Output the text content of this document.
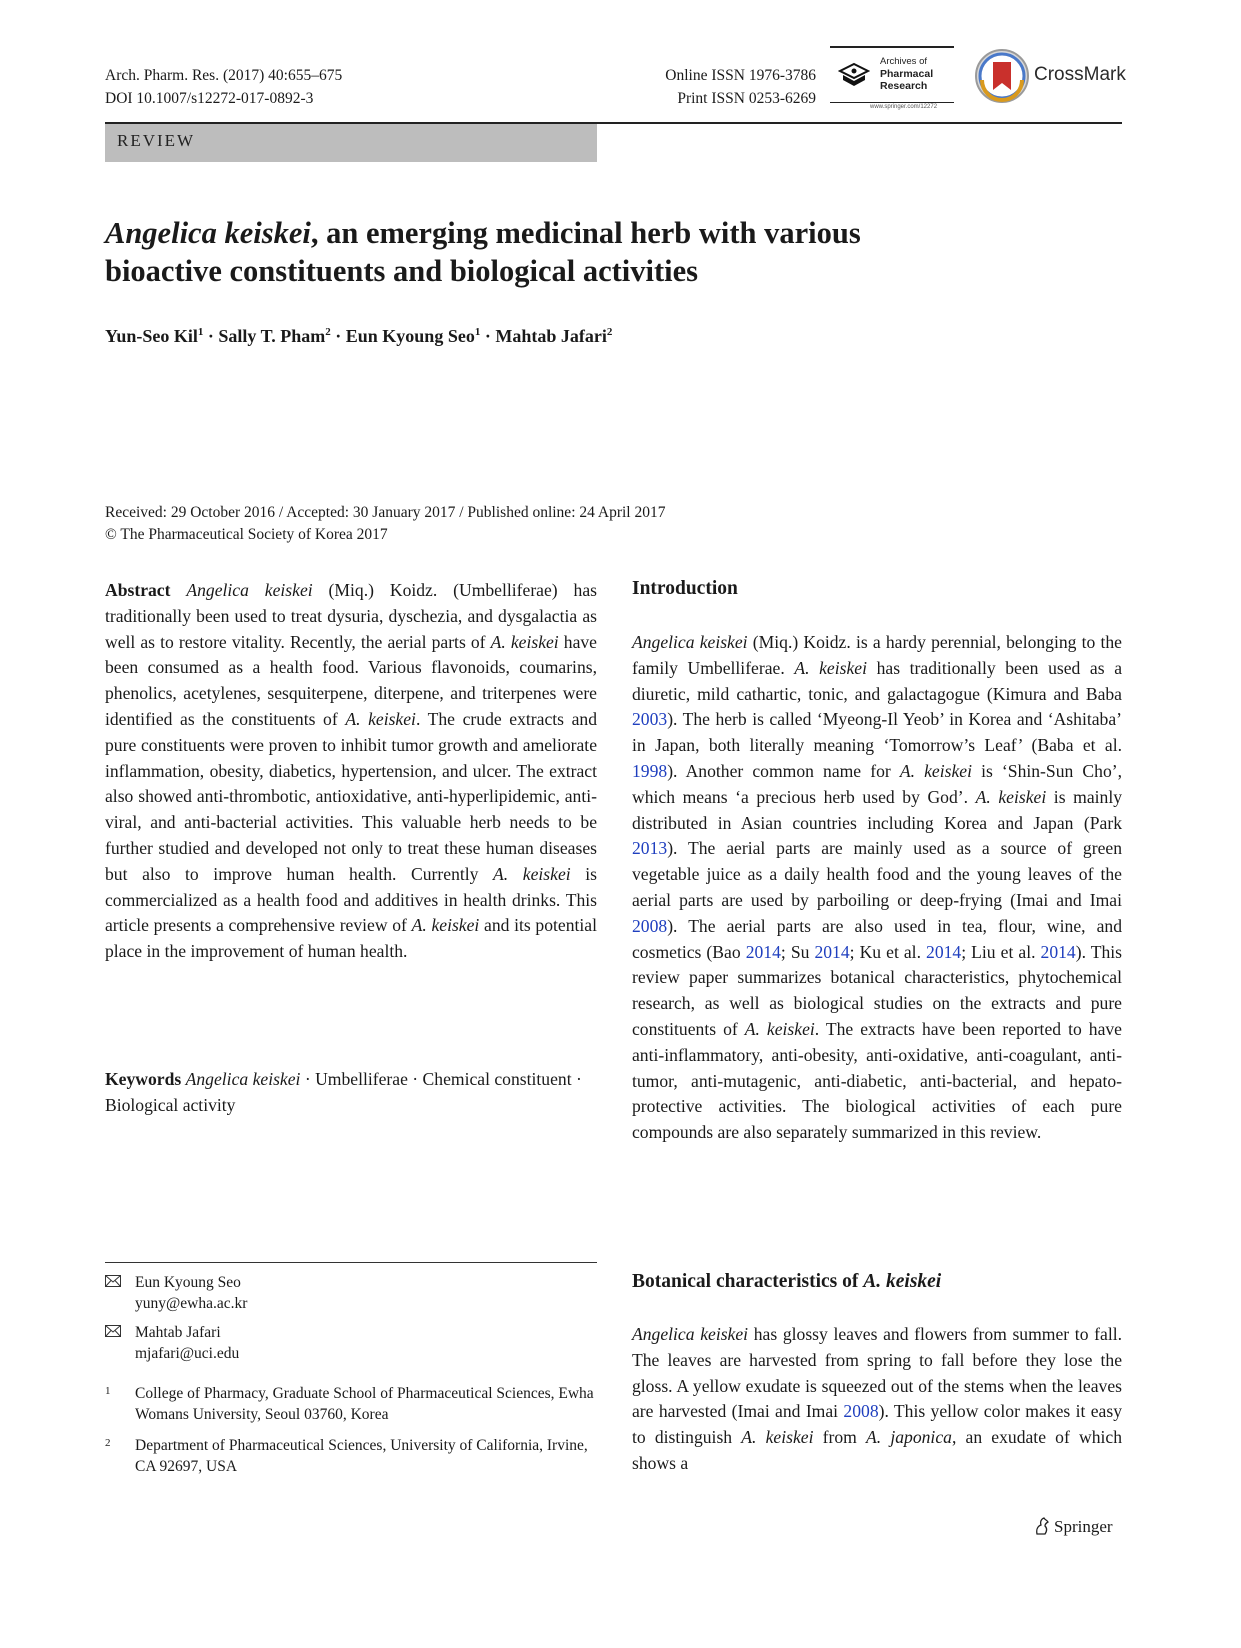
Arch. Pharm. Res. (2017) 40:655–675
DOI 10.1007/s12272-017-0892-3
Online ISSN 1976-3786
Print ISSN 0253-6269
Archives of
Pharmacal
Research
www.springer.com/12272
CrossMark
REVIEW
Angelica keiskei, an emerging medicinal herb with various
bioactive constituents and biological activities
Yun-Seo Kil$^1$ · Sally T. Pham$^2$ · Eun Kyoung Seo$^1$ · Mahtab Jafari$^2$
Received: 29 October 2016 / Accepted: 30 January 2017 / Published online: 24 April 2017
© The Pharmaceutical Society of Korea 2017
Abstract Angelica keiskei (Miq.) Koidz. (Umbelliferae) has traditionally been used to treat dysuria, dyschezia, and dysgalactia as well as to restore vitality. Recently, the aerial parts of A. keiskei have been consumed as a health food. Various flavonoids, coumarins, phenolics, acetylenes, sesquiterpene, diterpene, and triterpenes were identified as the constituents of A. keiskei. The crude extracts and pure constituents were proven to inhibit tumor growth and ameliorate inflammation, obesity, diabetics, hypertension, and ulcer. The extract also showed anti-thrombotic, antioxidative, anti-hyperlipidemic, anti-viral, and anti-bacterial activities. This valuable herb needs to be further studied and developed not only to treat these human diseases but also to improve human health. Currently A. keiskei is commercialized as a health food and additives in health drinks. This article presents a comprehensive review of A. keiskei and its potential place in the improvement of human health.
Keywords Angelica keiskei · Umbelliferae · Chemical constituent · Biological activity
Eun Kyoung Seo
yuny@ewha.ac.kr
Mahtab Jafari
mjafari@uci.edu
1 College of Pharmacy, Graduate School of Pharmaceutical Sciences, Ewha Womans University, Seoul 03760, Korea
2 Department of Pharmaceutical Sciences, University of California, Irvine, CA 92697, USA
Introduction
Angelica keiskei (Miq.) Koidz. is a hardy perennial, belonging to the family Umbelliferae. A. keiskei has traditionally been used as a diuretic, mild cathartic, tonic, and galactagogue (Kimura and Baba 2003). The herb is called ‘Myeong-Il Yeob’ in Korea and ‘Ashitaba’ in Japan, both literally meaning ‘Tomorrow’s Leaf’ (Baba et al. 1998). Another common name for A. keiskei is ‘Shin-Sun Cho’, which means ‘a precious herb used by God’. A. keiskei is mainly distributed in Asian countries including Korea and Japan (Park 2013). The aerial parts are mainly used as a source of green vegetable juice as a daily health food and the young leaves of the aerial parts are used by parboiling or deep-frying (Imai and Imai 2008). The aerial parts are also used in tea, flour, wine, and cosmetics (Bao 2014; Su 2014; Ku et al. 2014; Liu et al. 2014). This review paper summarizes botanical characteristics, phytochemical research, as well as biological studies on the extracts and pure constituents of A. keiskei. The extracts have been reported to have anti-inflammatory, anti-obesity, anti-oxidative, anti-coagulant, anti-tumor, anti-mutagenic, anti-diabetic, anti-bacterial, and hepato-protective activities. The biological activities of each pure compounds are also separately summarized in this review.
Botanical characteristics of A. keiskei
Angelica keiskei has glossy leaves and flowers from summer to fall. The leaves are harvested from spring to fall before they lose the gloss. A yellow exudate is squeezed out of the stems when the leaves are harvested (Imai and Imai 2008). This yellow color makes it easy to distinguish A. keiskei from A. japonica, an exudate of which shows a
Springer
